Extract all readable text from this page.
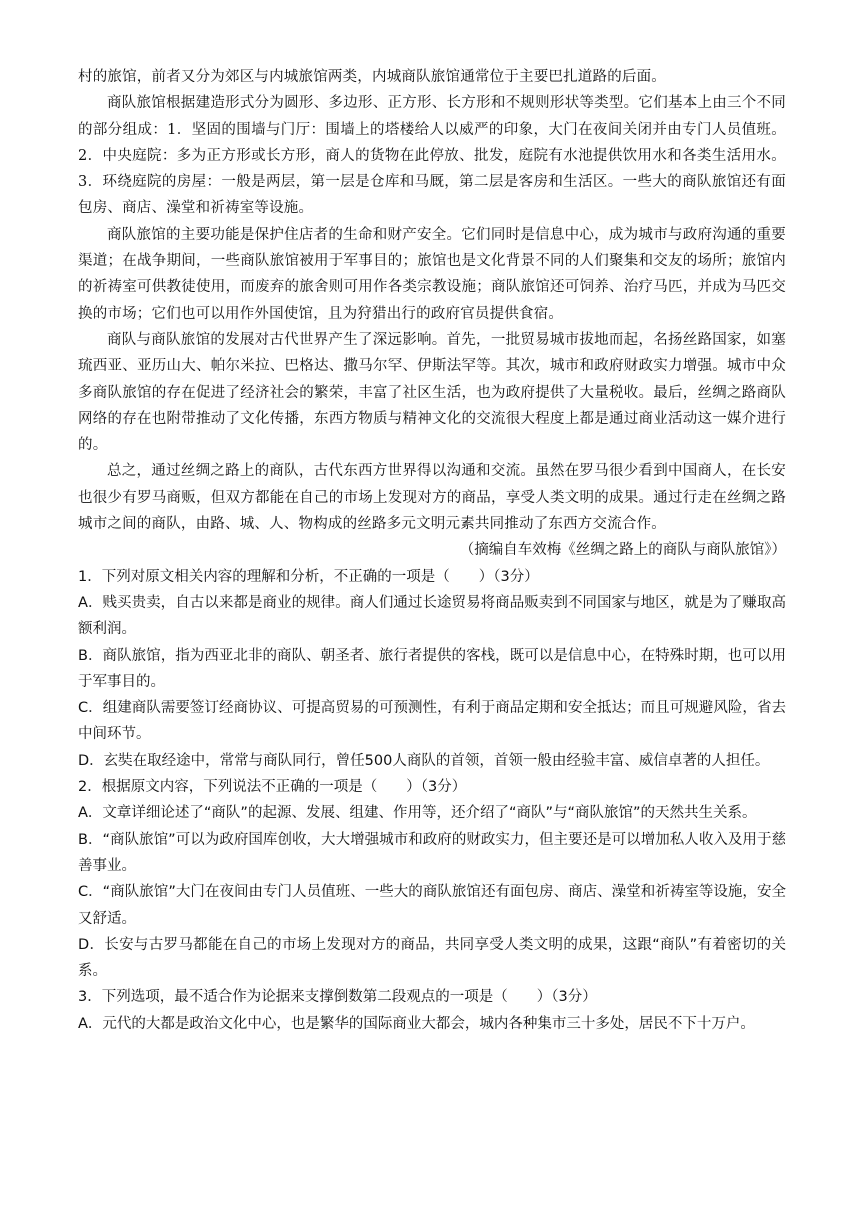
村的旅馆，前者又分为郊区与内城旅馆两类，内城商队旅馆通常位于主要巴扎道路的后面。

商队旅馆根据建造形式分为圆形、多边形、正方形、长方形和不规则形状等类型。它们基本上由三个不同的部分组成：1．坚固的围墙与门厅：围墙上的塔楼给人以威严的印象，大门在夜间关闭并由专门人员值班。2．中央庭院：多为正方形或长方形，商人的货物在此停放、批发，庭院有水池提供饮用水和各类生活用水。3．环绕庭院的房屋：一般是两层，第一层是仓库和马厩，第二层是客房和生活区。一些大的商队旅馆还有面包房、商店、澡堂和祈祷室等设施。

商队旅馆的主要功能是保护住店者的生命和财产安全。它们同时是信息中心，成为城市与政府沟通的重要渠道；在战争期间，一些商队旅馆被用于军事目的；旅馆也是文化背景不同的人们聚集和交友的场所；旅馆内的祈祷室可供教徒使用，而废弃的旅舍则可用作各类宗教设施；商队旅馆还可饲养、治疗马匹，并成为马匹交换的市场；它们也可以用作外国使馆，且为狩猎出行的政府官员提供食宿。

商队与商队旅馆的发展对古代世界产生了深远影响。首先，一批贸易城市拔地而起，名扬丝路国家，如塞琉西亚、亚历山大、帕尔米拉、巴格达、撒马尔罕、伊斯法罕等。其次，城市和政府财政实力增强。城市中众多商队旅馆的存在促进了经济社会的繁荣，丰富了社区生活，也为政府提供了大量税收。最后，丝绸之路商队网络的存在也附带推动了文化传播，东西方物质与精神文化的交流很大程度上都是通过商业活动这一媒介进行的。

总之，通过丝绸之路上的商队，古代东西方世界得以沟通和交流。虽然在罗马很少看到中国商人，在长安也很少有罗马商贩，但双方都能在自己的市场上发现对方的商品，享受人类文明的成果。通过行走在丝绸之路城市之间的商队，由路、城、人、物构成的丝路多元文明元素共同推动了东西方交流合作。

（摘编自车效梅《丝绸之路上的商队与商队旅馆》）

1．下列对原文相关内容的理解和分析，不正确的一项是（　　）（3分）

A．贱买贵卖，自古以来都是商业的规律。商人们通过长途贸易将商品贩卖到不同国家与地区，就是为了赚取高额利润。

B．商队旅馆，指为西亚北非的商队、朝圣者、旅行者提供的客栈，既可以是信息中心，在特殊时期，也可以用于军事目的。

C．组建商队需要签订经商协议、可提高贸易的可预测性，有利于商品定期和安全抵达；而且可规避风险，省去中间环节。

D．玄奘在取经途中，常常与商队同行，曾任500人商队的首领，首领一般由经验丰富、威信卓著的人担任。

2．根据原文内容，下列说法不正确的一项是（　　）（3分）

A．文章详细论述了“商队”的起源、发展、组建、作用等，还介绍了“商队”与“商队旅馆”的天然共生关系。

B．“商队旅馆”可以为政府国库创收，大大增强城市和政府的财政实力，但主要还是可以增加私人收入及用于慈善事业。

C．“商队旅馆”大门在夜间由专门人员值班、一些大的商队旅馆还有面包房、商店、澡堂和祈祷室等设施，安全又舒适。

D．长安与古罗马都能在自己的市场上发现对方的商品，共同享受人类文明的成果，这跟“商队”有着密切的关系。

3．下列选项，最不适合作为论据来支撑倒数第二段观点的一项是（　　）（3分）

A．元代的大都是政治文化中心，也是繁华的国际商业大都会，城内各种集市三十多处，居民不下十万户。
